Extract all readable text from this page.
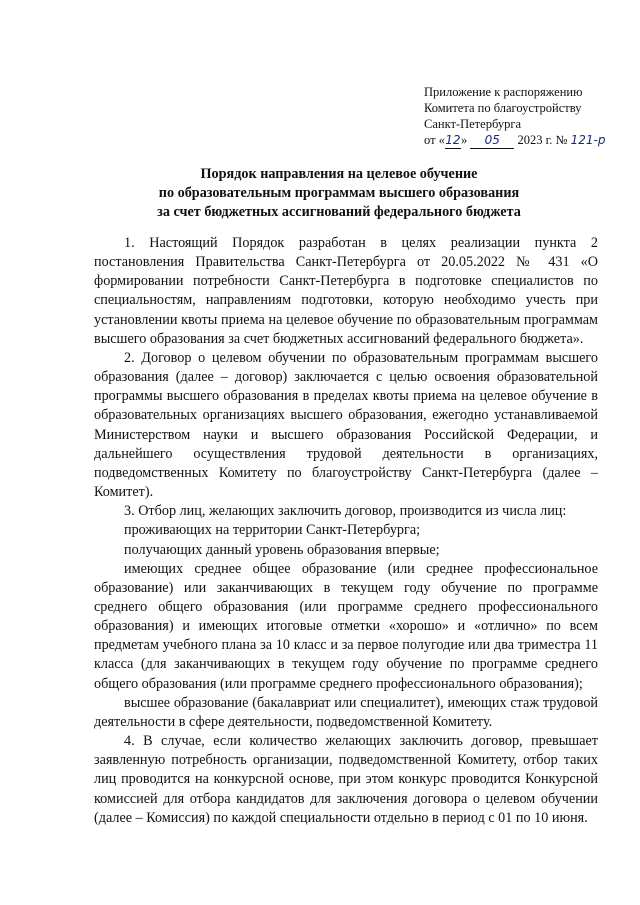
Приложение к распоряжению
Комитета по благоустройству
Санкт-Петербурга
от «12» 05 2023 г. № 121-р
Порядок направления на целевое обучение
по образовательным программам высшего образования
за счет бюджетных ассигнований федерального бюджета

1. Настоящий Порядок разработан в целях реализации пункта 2 постановления Правительства Санкт-Петербурга от 20.05.2022 № 431 «О формировании потребности Санкт-Петербурга в подготовке специалистов по специальностям, направлениям подготовки, которую необходимо учесть при установлении квоты приема на целевое обучение по образовательным программам высшего образования за счет бюджетных ассигнований федерального бюджета».

2. Договор о целевом обучении по образовательным программам высшего образования (далее – договор) заключается с целью освоения образовательной программы высшего образования в пределах квоты приема на целевое обучение в образовательных организациях высшего образования, ежегодно устанавливаемой Министерством науки и высшего образования Российской Федерации, и дальнейшего осуществления трудовой деятельности в организациях, подведомственных Комитету по благоустройству Санкт-Петербурга (далее – Комитет).

3. Отбор лиц, желающих заключить договор, производится из числа лиц:

проживающих на территории Санкт-Петербурга;

получающих данный уровень образования впервые;

имеющих среднее общее образование (или среднее профессиональное образование) или заканчивающих в текущем году обучение по программе среднего общего образования (или программе среднего профессионального образования) и имеющих итоговые отметки «хорошо» и «отлично» по всем предметам учебного плана за 10 класс и за первое полугодие или два триместра 11 класса (для заканчивающих в текущем году обучение по программе среднего общего образования (или программе среднего профессионального образования);

высшее образование (бакалавриат или специалитет), имеющих стаж трудовой деятельности в сфере деятельности, подведомственной Комитету.

4. В случае, если количество желающих заключить договор, превышает заявленную потребность организации, подведомственной Комитету, отбор таких лиц проводится на конкурсной основе, при этом конкурс проводится Конкурсной комиссией для отбора кандидатов для заключения договора о целевом обучении (далее – Комиссия) по каждой специальности отдельно в период с 01 по 10 июня.
